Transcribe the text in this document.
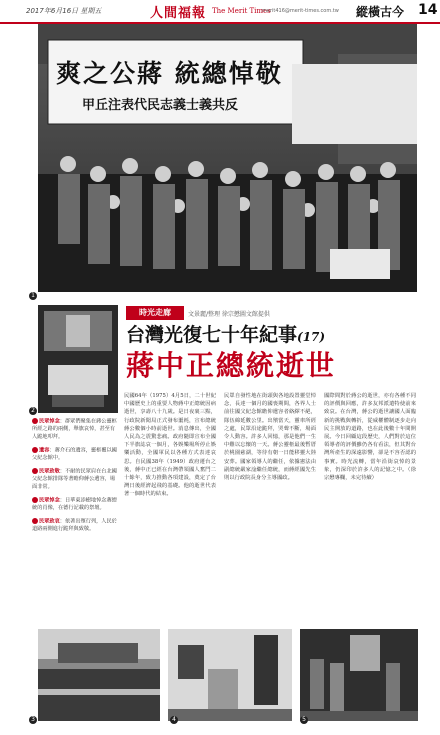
2017年6月16日 星期五	人間福報 The Merit Times
merit416@merit-times.com.tw 縱橫古今 14
爽之公蔣 統總悼敬
甲丘注表代民志義士義共反
1
2
時光走廊	文景麗/整理 徐宗懋圖文館提供
台灣光復七十年紀事(17)
蔣中正總統逝世
民眾悼念：群眾們聚集在蔣公靈柩所經之路的兩側，舉旗哀悼，甚至有人跪地叩拜。
遺容：蔣介石的遺容，靈柩覆以國父紀念館中。
民眾致敬：不耐的民眾肩在台北國父紀念館排隊等著瞻仰蔣公遺容，場面非常。
民眾悼念：日華東添樹地悼念蔣總統的肖像，在德行記載的祭壇。
民眾致哀：依著出殯行列，人民於道路兩側進行跪拜與致敬。
民國64年（1975）4月5日，二十世紀中國歷史上的重要人物蔣中正總統因病逝世，享壽八十九歲。是日夜裏三點，行政院新聞局正式發布噩耗，宣布總統蔣公數個小時前逝世。消息傳出，全國人民為之震驚悲痛。政府隨即宣布全國下半旗誌哀一個月，各娛樂場所停止娛樂活動，全國軍民以各種方式表達哀思。自民國38年（1949）政府遷台之後，蔣中正已經在台灣帶領國人奮鬥二十餘年，致力推動各項建設，奠定了台灣日後經濟起飛的基礎。他的逝世代表著一個時代的結束。
民眾自發性地在街頭與各地設置靈堂悼念，長達一個月的國喪期間，各界人士前往國父紀念館瞻仰遺容者絡繹不絕，隊伍綿延數公里。出殯當天，靈車所經之處，民眾沿途跪拜，哭聲不斷，場面令人動容。許多人回憶，那是他們一生中難以忘懷的一天。蔣公靈柩最後暫厝於桃園慈湖，等待有朝一日能移靈大陸安葬。國家領導人的繼任，依據憲法由副總統嚴家淦繼任總統，而蔣經國先生則以行政院長身分主導國政。
國際間對於蔣公的逝世，亦有各種不同的評價與回應，許多友邦派遣特使前來致哀。在台灣，蔣公的逝世讓國人面臨新的挑戰與轉折，從威權體制逐步走向民主開放的道路，也在此後數十年間開展。今日回顧這段歷史，人們對於這位領導者的評價雖仍各有看法，但其對台灣所產生的深遠影響，卻是不容否認的事實。時光流轉，當年沿街哀悼的景象，仍深印於許多人的記憶之中。（徐宗懋專欄，未完待續）
3	4	5
